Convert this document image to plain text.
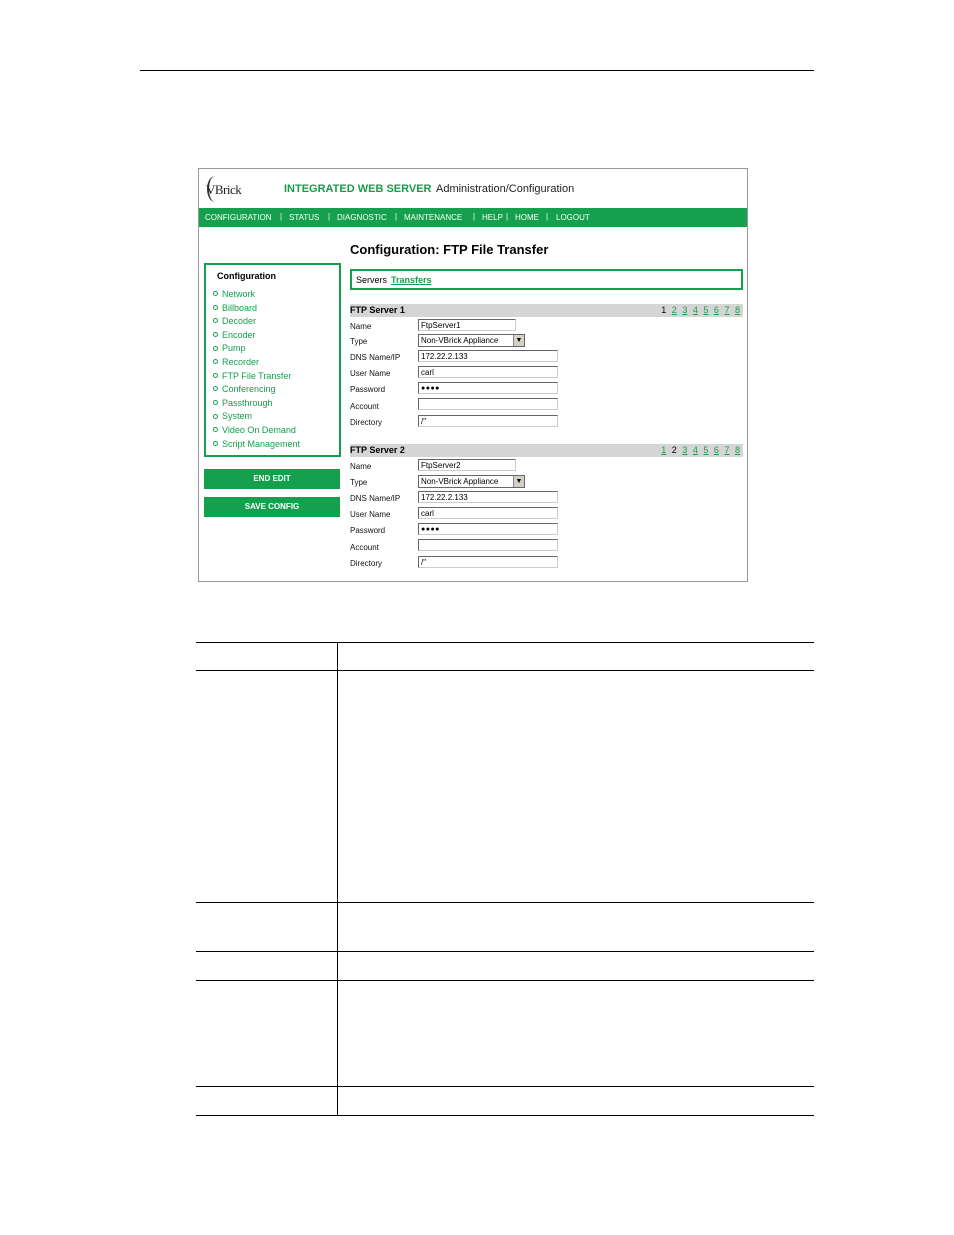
VBrick	INTEGRATED WEB SERVER Administration/Configuration
CONFIGURATION | STATUS | DIAGNOSTIC | MAINTENANCE | HELP | HOME | LOGOUT
Configuration: FTP File Transfer
Configuration
Network
Billboard
Decoder
Encoder
Pump
Recorder
FTP File Transfer
Conferencing
Passthrough
System
Video On Demand
Script Management
END EDIT
SAVE CONFIG
Servers Transfers
FTP Server 1	1 2 3 4 5 6 7 8
Name	FtpServer1
Type	Non-VBrick Appliance	▼
DNS Name/IP	172.22.2.133
User Name	carl
Password	●●●●
Account
Directory	/"
FTP Server 2	1 2 3 4 5 6 7 8
Name	FtpServer2
Type	Non-VBrick Appliance	▼
DNS Name/IP	172.22.2.133
User Name	carl
Password	●●●●
Account
Directory	/"
